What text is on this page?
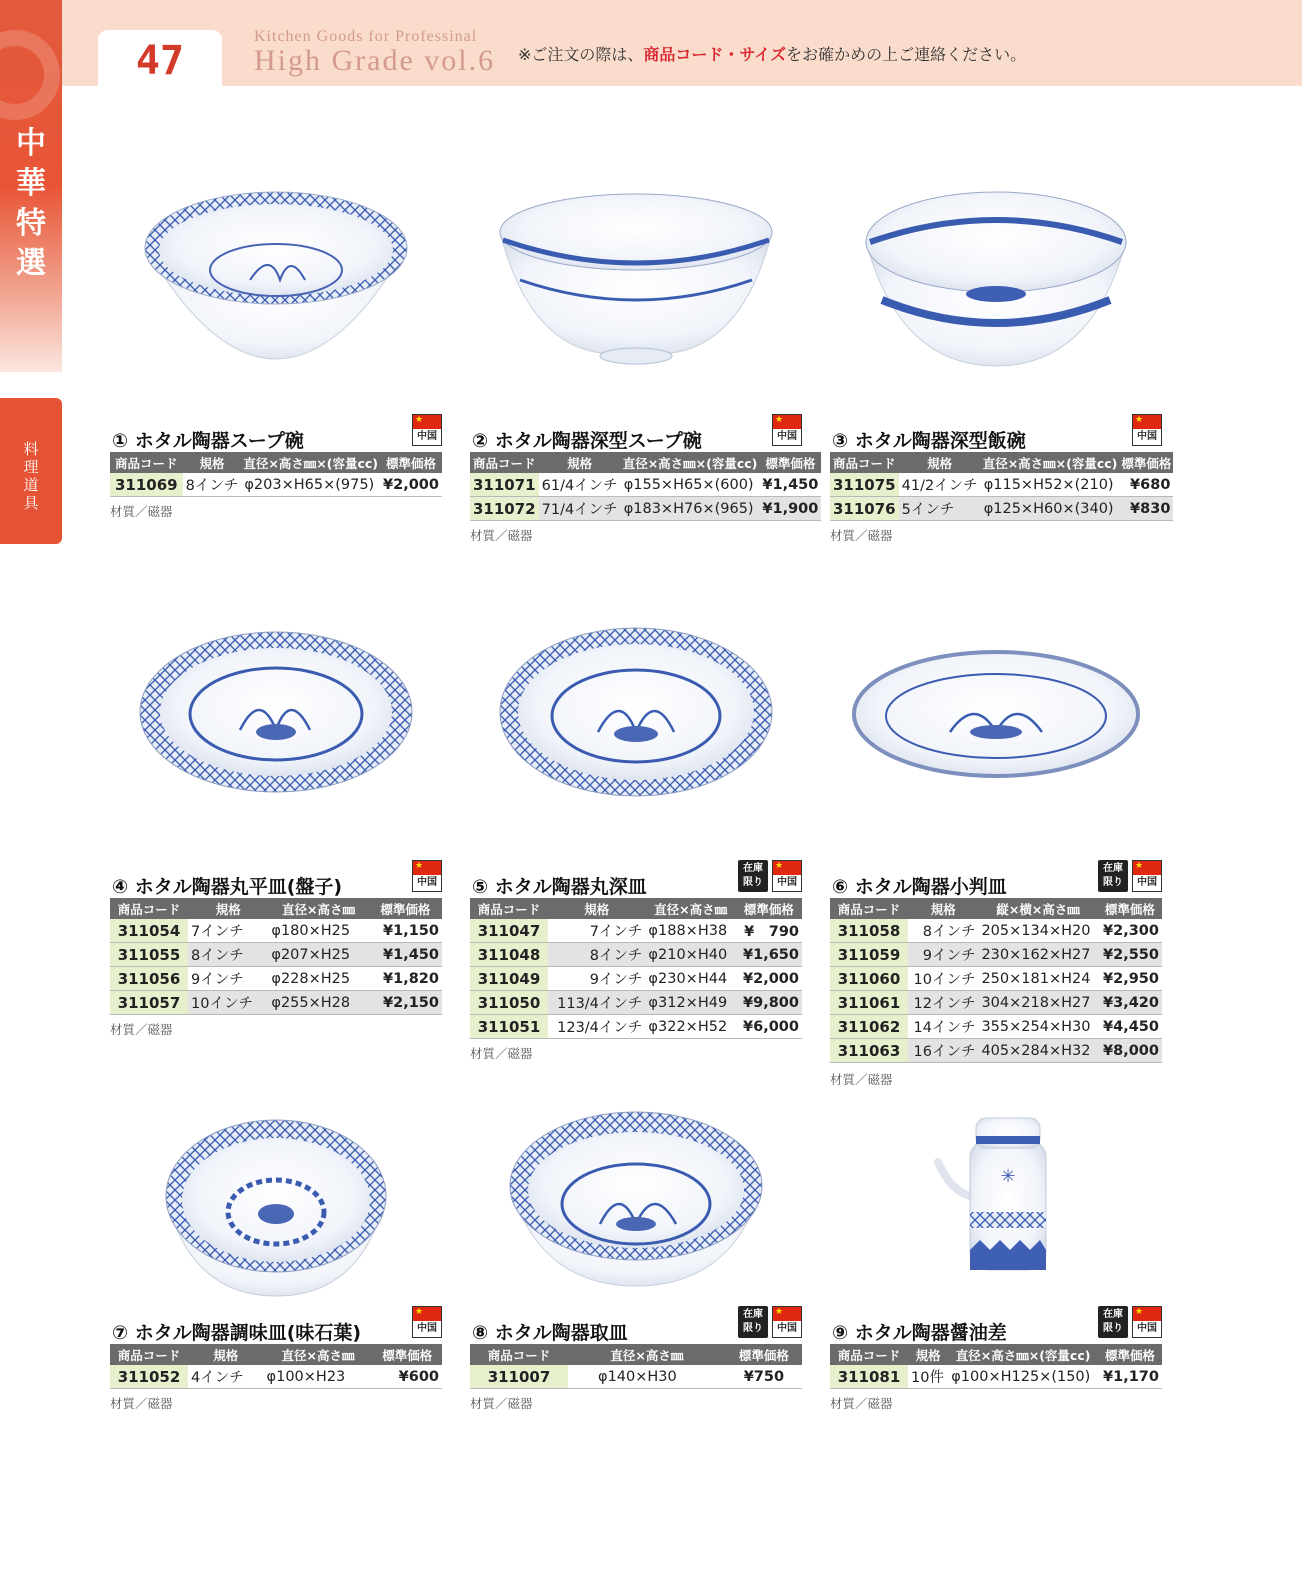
47
Kitchen Goods for Professinal
High Grade vol.6 ※ご注文の際は、商品コード・サイズをお確かめの上ご連絡ください。
中
華
特
選
料
理
道
具
① ホタル陶器スープ碗
★
中国
商品コード	規格	直径×高さ㎜×(容量cc)	標準価格
311069	8インチ	φ203×H65×(975)	¥2,000
材質／磁器
② ホタル陶器深型スープ碗
★
中国
商品コード	規格	直径×高さ㎜×(容量cc)	標準価格
311071	61/4インチ	φ155×H65×(600)	¥1,450
311072	71/4インチ	φ183×H76×(965)	¥1,900
材質／磁器
③ ホタル陶器深型飯碗
★
中国
商品コード	規格	直径×高さ㎜×(容量cc)	標準価格
311075	41/2インチ	φ115×H52×(210)	¥680
311076	5インチ	φ125×H60×(340)	¥830
材質／磁器
④ ホタル陶器丸平皿(盤子)
★
中国
商品コード	規格	直径×高さ㎜	標準価格
311054	7インチ	φ180×H25	¥1,150
311055	8インチ	φ207×H25	¥1,450
311056	9インチ	φ228×H25	¥1,820
311057	10インチ	φ255×H28	¥2,150
材質／磁器
⑤ ホタル陶器丸深皿
在庫
限り
★
中国
商品コード	規格	直径×高さ㎜	標準価格
311047	7インチ	φ188×H38	¥　790
311048	8インチ	φ210×H40	¥1,650
311049	9インチ	φ230×H44	¥2,000
311050	113/4インチ	φ312×H49	¥9,800
311051	123/4インチ	φ322×H52	¥6,000
材質／磁器
⑥ ホタル陶器小判皿
在庫
限り
★
中国
商品コード	規格	縦×横×高さ㎜	標準価格
311058	8インチ	205×134×H20	¥2,300
311059	9インチ	230×162×H27	¥2,550
311060	10インチ	250×181×H24	¥2,950
311061	12インチ	304×218×H27	¥3,420
311062	14インチ	355×254×H30	¥4,450
311063	16インチ	405×284×H32	¥8,000
材質／磁器
⑦ ホタル陶器調味皿(味石葉)
★
中国
商品コード	規格	直径×高さ㎜	標準価格
311052	4インチ	φ100×H23	¥600
材質／磁器
⑧ ホタル陶器取皿
在庫
限り
★
中国
商品コード	直径×高さ㎜	標準価格
311007	φ140×H30	¥750
材質／磁器
✳
⑨ ホタル陶器醤油差
在庫
限り
★
中国
商品コード	規格	直径×高さ㎜×(容量cc)	標準価格
311081	10件	φ100×H125×(150)	¥1,170
材質／磁器
